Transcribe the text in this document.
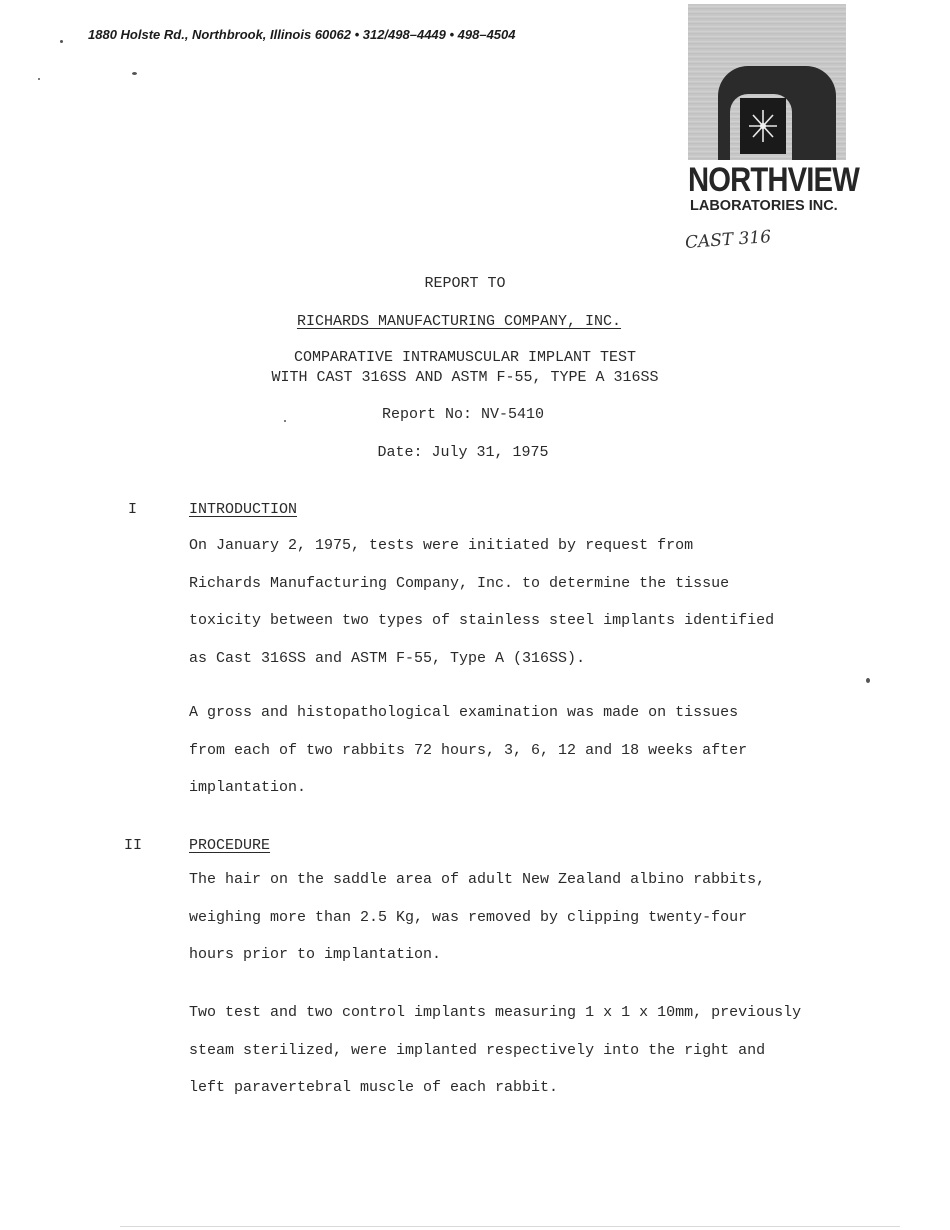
1880 Holste Rd., Northbrook, Illinois 60062 • 312/498–4449 • 498–4504
NORTHVIEW
LABORATORIES INC.
CAST 316
REPORT TO
RICHARDS MANUFACTURING COMPANY, INC.
COMPARATIVE INTRAMUSCULAR IMPLANT TEST
WITH CAST 316SS AND ASTM F-55, TYPE A 316SS
Report No: NV-5410
Date: July 31, 1975
I	INTRODUCTION
On January 2, 1975, tests were initiated by request from
Richards Manufacturing Company, Inc. to determine the tissue
toxicity between two types of stainless steel implants identified
as Cast 316SS and ASTM F-55, Type A (316SS).
A gross and histopathological examination was made on tissues
from each of two rabbits 72 hours, 3, 6, 12 and 18 weeks after
implantation.
II	PROCEDURE
The hair on the saddle area of adult New Zealand albino rabbits,
weighing more than 2.5 Kg, was removed by clipping twenty-four
hours prior to implantation.
Two test and two control implants measuring 1 x 1 x 10mm, previously
steam sterilized, were implanted respectively into the right and
left paravertebral muscle of each rabbit.
